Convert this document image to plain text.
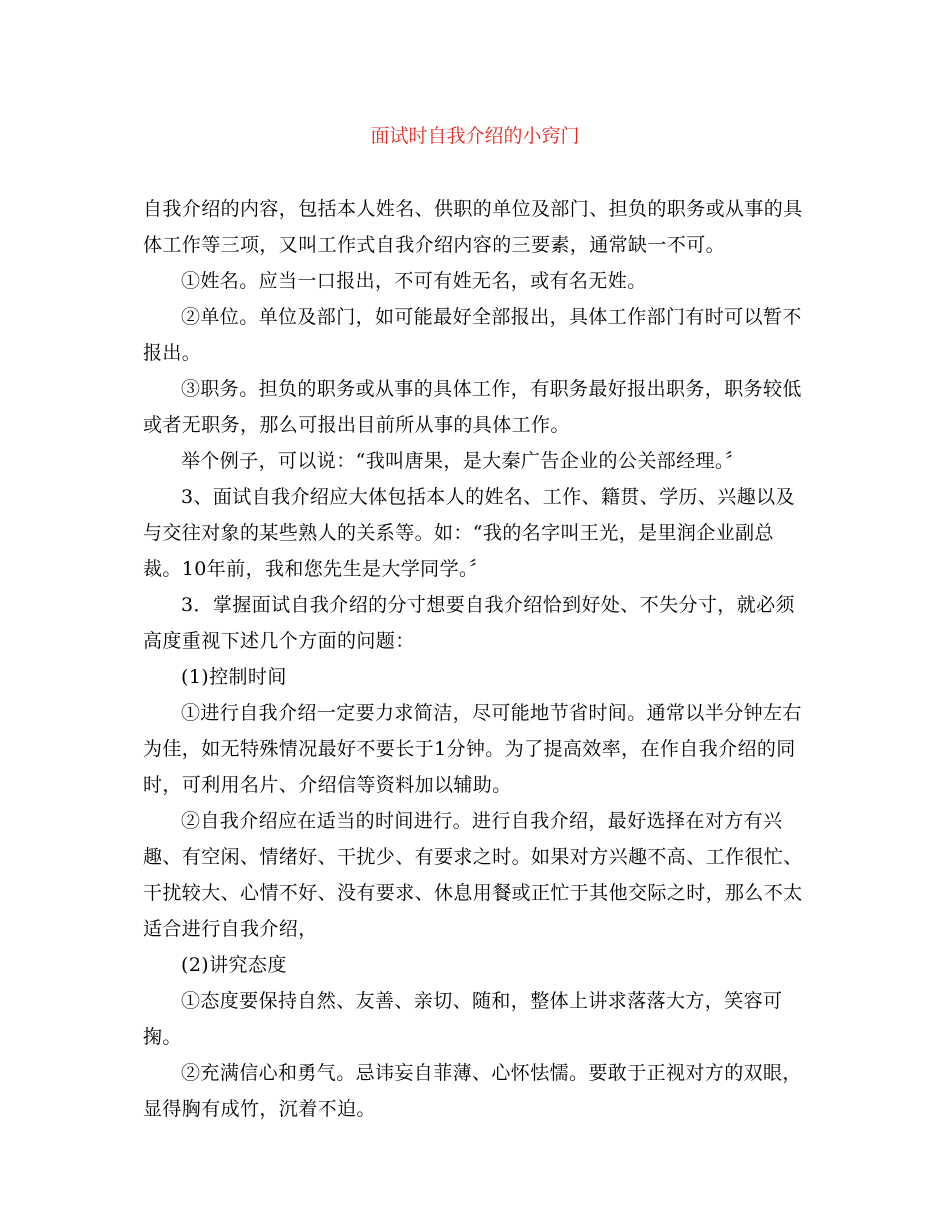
面试时自我介绍的小窍门

自我介绍的内容，包括本人姓名、供职的单位及部门、担负的职务或从事的具体工作等三项，又叫工作式自我介绍内容的三要素，通常缺一不可。

①姓名。应当一口报出，不可有姓无名，或有名无姓。

②单位。单位及部门，如可能最好全部报出，具体工作部门有时可以暂不报出。

③职务。担负的职务或从事的具体工作，有职务最好报出职务，职务较低或者无职务，那么可报出目前所从事的具体工作。

举个例子，可以说：“我叫唐果，是大秦广告企业的公关部经理。〞

3、面试自我介绍应大体包括本人的姓名、工作、籍贯、学历、兴趣以及与交往对象的某些熟人的关系等。如：“我的名字叫王光，是里润企业副总裁。10年前，我和您先生是大学同学。〞

3．掌握面试自我介绍的分寸想要自我介绍恰到好处、不失分寸，就必须高度重视下述几个方面的问题：

(1)控制时间

①进行自我介绍一定要力求简洁，尽可能地节省时间。通常以半分钟左右为佳，如无特殊情况最好不要长于1分钟。为了提高效率，在作自我介绍的同时，可利用名片、介绍信等资料加以辅助。

②自我介绍应在适当的时间进行。进行自我介绍，最好选择在对方有兴趣、有空闲、情绪好、干扰少、有要求之时。如果对方兴趣不高、工作很忙、干扰较大、心情不好、没有要求、休息用餐或正忙于其他交际之时，那么不太适合进行自我介绍，

(2)讲究态度

①态度要保持自然、友善、亲切、随和，整体上讲求落落大方，笑容可掬。

②充满信心和勇气。忌讳妄自菲薄、心怀怯懦。要敢于正视对方的双眼，显得胸有成竹，沉着不迫。
